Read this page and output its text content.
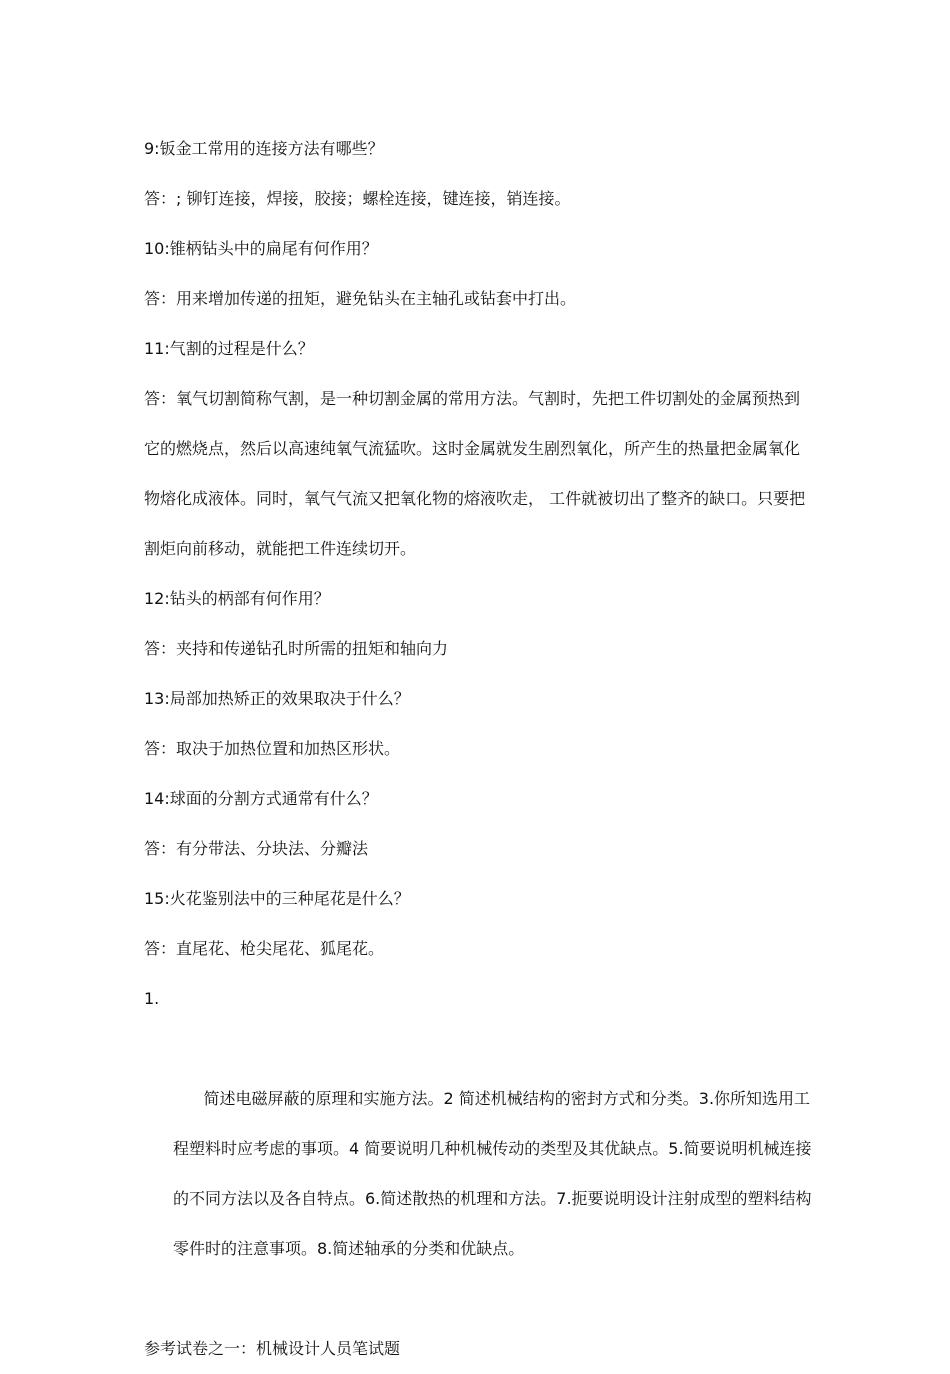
9:钣金工常用的连接方法有哪些？

答：; 铆钉连接，焊接，胶接；螺栓连接，键连接，销连接。

10:锥柄钻头中的扁尾有何作用？

答：用来增加传递的扭矩，避免钻头在主轴孔或钻套中打出。

11:气割的过程是什么？

答：氧气切割简称气割，是一种切割金属的常用方法。气割时，先把工件切割处的金属预热到它的燃烧点，然后以高速纯氧气流猛吹。这时金属就发生剧烈氧化，所产生的热量把金属氧化物熔化成液体。同时，氧气气流又把氧化物的熔液吹走， 工件就被切出了整齐的缺口。只要把割炬向前移动，就能把工件连续切开。

12:钻头的柄部有何作用？

答：夹持和传递钻孔时所需的扭矩和轴向力

13:局部加热矫正的效果取决于什么？

答：取决于加热位置和加热区形状。

14:球面的分割方式通常有什么？

答：有分带法、分块法、分瓣法

15:火花鉴别法中的三种尾花是什么？

答：直尾花、枪尖尾花、狐尾花。

1.

简述电磁屏蔽的原理和实施方法。2 简述机械结构的密封方式和分类。3.你所知选用工程塑料时应考虑的事项。4 简要说明几种机械传动的类型及其优缺点。5.简要说明机械连接的不同方法以及各自特点。6.简述散热的机理和方法。7.扼要说明设计注射成型的塑料结构零件时的注意事项。8.简述轴承的分类和优缺点。

参考试卷之一：机械设计人员笔试题
